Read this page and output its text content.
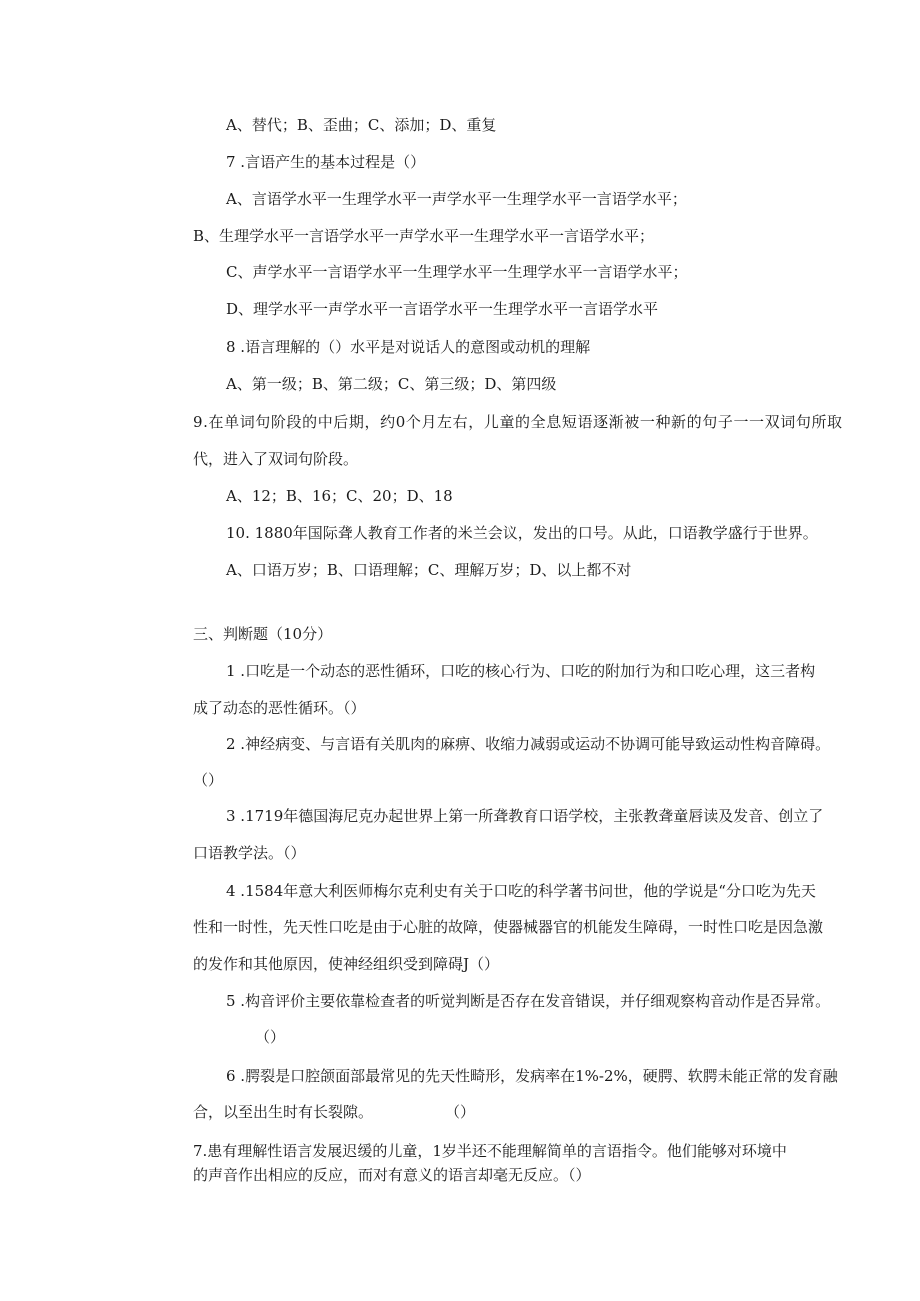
A、替代；B、歪曲；C、添加；D、重复
7 .言语产生的基本过程是（）
A、言语学水平一生理学水平一声学水平一生理学水平一言语学水平；
B、生理学水平一言语学水平一声学水平一生理学水平一言语学水平；
C、声学水平一言语学水平一生理学水平一生理学水平一言语学水平；
D、理学水平一声学水平一言语学水平一生理学水平一言语学水平
8 .语言理解的（）水平是对说话人的意图或动机的理解
A、第一级；B、第二级；C、第三级；D、第四级
9.在单词句阶段的中后期，约0个月左右，儿童的全息短语逐渐被一种新的句子一一双词句所取
代，进入了双词句阶段。
A、12；B、16；C、20；D、18
10. 1880年国际聋人教育工作者的米兰会议，发出的口号。从此，口语教学盛行于世界。
A、口语万岁；B、口语理解；C、理解万岁；D、以上都不对
三、判断题（10分）
1 .口吃是一个动态的恶性循环，口吃的核心行为、口吃的附加行为和口吃心理，这三者构
成了动态的恶性循环。（）
2 .神经病变、与言语有关肌肉的麻痹、收缩力减弱或运动不协调可能导致运动性构音障碍。
（）
3 .1719年德国海尼克办起世界上第一所聋教育口语学校，主张教聋童唇读及发音、创立了
口语教学法。（）
4 .1584年意大利医师梅尔克利史有关于口吃的科学著书问世，他的学说是“分口吃为先天
性和一时性，先天性口吃是由于心脏的故障，使器械器官的机能发生障碍，一时性口吃是因急激
的发作和其他原因，使神经组织受到障碍J（）
5 .构音评价主要依靠检查者的听觉判断是否存在发音错误，并仔细观察构音动作是否异常。
（）
6 .腭裂是口腔颌面部最常见的先天性畸形，发病率在1%-2%，硬腭、软腭未能正常的发育融
合，以至出生时有长裂隙。	（）
7.患有理解性语言发展迟缓的儿童，1岁半还不能理解简单的言语指令。他们能够对环境中
的声音作出相应的反应，而对有意义的语言却毫无反应。（）
